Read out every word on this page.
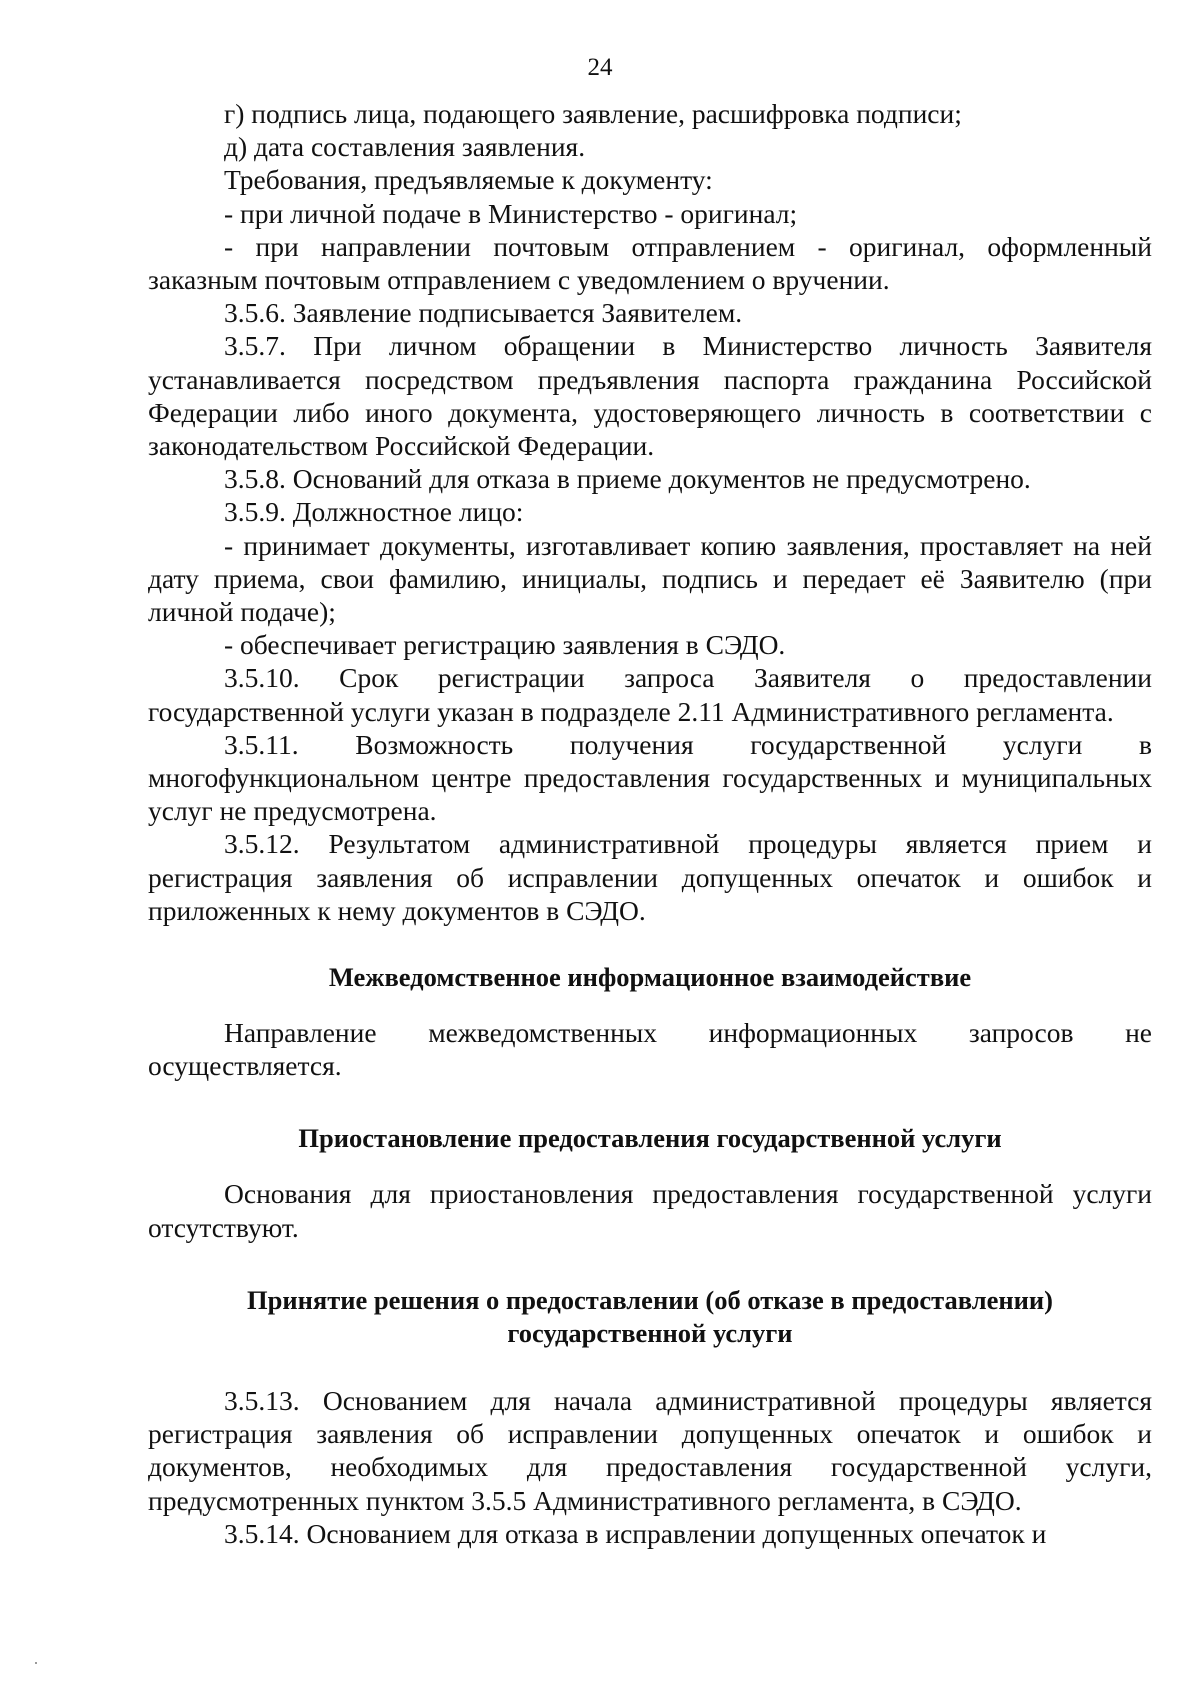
24

г) подпись лица, подающего заявление, расшифровка подписи;

д) дата составления заявления.

Требования, предъявляемые к документу:

- при личной подаче в Министерство - оригинал;

- при направлении почтовым отправлением - оригинал, оформленный заказным почтовым отправлением с уведомлением о вручении.

3.5.6. Заявление подписывается Заявителем.

3.5.7. При личном обращении в Министерство личность Заявителя устанавливается посредством предъявления паспорта гражданина Российской Федерации либо иного документа, удостоверяющего личность в соответствии с законодательством Российской Федерации.

3.5.8. Оснований для отказа в приеме документов не предусмотрено.

3.5.9. Должностное лицо:

- принимает документы, изготавливает копию заявления, проставляет на ней дату приема, свои фамилию, инициалы, подпись и передает её Заявителю (при личной подаче);

- обеспечивает регистрацию заявления в СЭДО.

3.5.10. Срок регистрации запроса Заявителя о предоставлении государственной услуги указан в подразделе 2.11 Административного регламента.

3.5.11. Возможность получения государственной услуги в многофункциональном центре предоставления государственных и муниципальных услуг не предусмотрена.

3.5.12. Результатом административной процедуры является прием и регистрация заявления об исправлении допущенных опечаток и ошибок и приложенных к нему документов в СЭДО.

Межведомственное информационное взаимодействие

Направление межведомственных информационных запросов не осуществляется.

Приостановление предоставления государственной услуги

Основания для приостановления предоставления государственной услуги отсутствуют.

Принятие решения о предоставлении (об отказе в предоставлении)

государственной услуги

3.5.13. Основанием для начала административной процедуры является регистрация заявления об исправлении допущенных опечаток и ошибок и документов, необходимых для предоставления государственной услуги, предусмотренных пунктом 3.5.5 Административного регламента, в СЭДО.

3.5.14. Основанием для отказа в исправлении допущенных опечаток и
